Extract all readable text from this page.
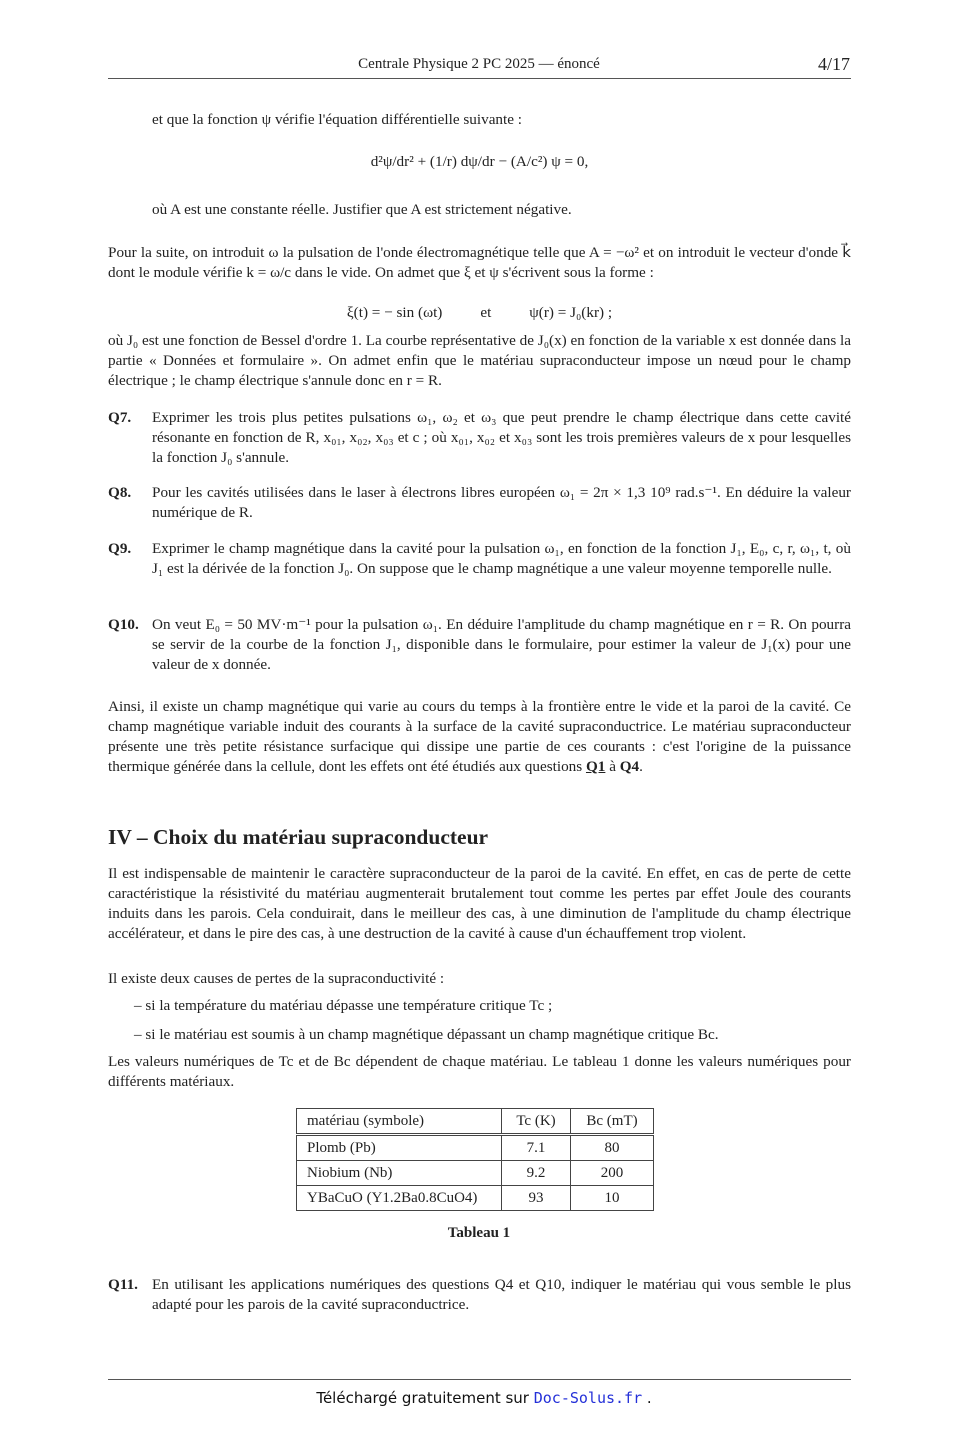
Centrale Physique 2 PC 2025 — énoncé	4/17
et que la fonction ψ vérifie l'équation différentielle suivante :
d²ψ/dr² + (1/r) dψ/dr − (A/c²) ψ = 0,
où A est une constante réelle. Justifier que A est strictement négative.
Pour la suite, on introduit ω la pulsation de l'onde électromagnétique telle que A = −ω² et on introduit le vecteur d'onde k⃗ dont le module vérifie k = ω/c dans le vide. On admet que ξ et ψ s'écrivent sous la forme :
ξ(t) = − sin (ωt)          et          ψ(r) = J₀(kr) ;
où J₀ est une fonction de Bessel d'ordre 1. La courbe représentative de J₀(x) en fonction de la variable x est donnée dans la partie « Données et formulaire ». On admet enfin que le matériau supraconducteur impose un nœud pour le champ électrique ; le champ électrique s'annule donc en r = R.
Q7. Exprimer les trois plus petites pulsations ω₁, ω₂ et ω₃ que peut prendre le champ électrique dans cette cavité résonante en fonction de R, x₀₁, x₀₂, x₀₃ et c ; où x₀₁, x₀₂ et x₀₃ sont les trois premières valeurs de x pour lesquelles la fonction J₀ s'annule.
Q8. Pour les cavités utilisées dans le laser à électrons libres européen ω₁ = 2π × 1,3 10⁹ rad.s⁻¹. En déduire la valeur numérique de R.
Q9. Exprimer le champ magnétique dans la cavité pour la pulsation ω₁, en fonction de la fonction J₁, E₀, c, r, ω₁, t, où J₁ est la dérivée de la fonction J₀. On suppose que le champ magnétique a une valeur moyenne temporelle nulle.
Q10. On veut E₀ = 50 MV·m⁻¹ pour la pulsation ω₁. En déduire l'amplitude du champ magnétique en r = R. On pourra se servir de la courbe de la fonction J₁, disponible dans le formulaire, pour estimer la valeur de J₁(x) pour une valeur de x donnée.
Ainsi, il existe un champ magnétique qui varie au cours du temps à la frontière entre le vide et la paroi de la cavité. Ce champ magnétique variable induit des courants à la surface de la cavité supraconductrice. Le matériau supraconducteur présente une très petite résistance surfacique qui dissipe une partie de ces courants : c'est l'origine de la puissance thermique générée dans la cellule, dont les effets ont été étudiés aux questions Q1 à Q4.
IV – Choix du matériau supraconducteur
Il est indispensable de maintenir le caractère supraconducteur de la paroi de la cavité. En effet, en cas de perte de cette caractéristique la résistivité du matériau augmenterait brutalement tout comme les pertes par effet Joule des courants induits dans les parois. Cela conduirait, dans le meilleur des cas, à une diminution de l'amplitude du champ électrique accélérateur, et dans le pire des cas, à une destruction de la cavité à cause d'un échauffement trop violent.
Il existe deux causes de pertes de la supraconductivité :
– si la température du matériau dépasse une température critique Tc ;
– si le matériau est soumis à un champ magnétique dépassant un champ magnétique critique Bc.
Les valeurs numériques de Tc et de Bc dépendent de chaque matériau. Le tableau 1 donne les valeurs numériques pour différents matériaux.
matériau (symbole)	Tc (K)	Bc (mT)
Plomb (Pb)	7.1	80
Niobium (Nb)	9.2	200
YBaCuO (Y1.2Ba0.8CuO4)	93	10
Tableau 1
Q11. En utilisant les applications numériques des questions Q4 et Q10, indiquer le matériau qui vous semble le plus adapté pour les parois de la cavité supraconductrice.
Téléchargé gratuitement sur Doc-Solus.fr .
